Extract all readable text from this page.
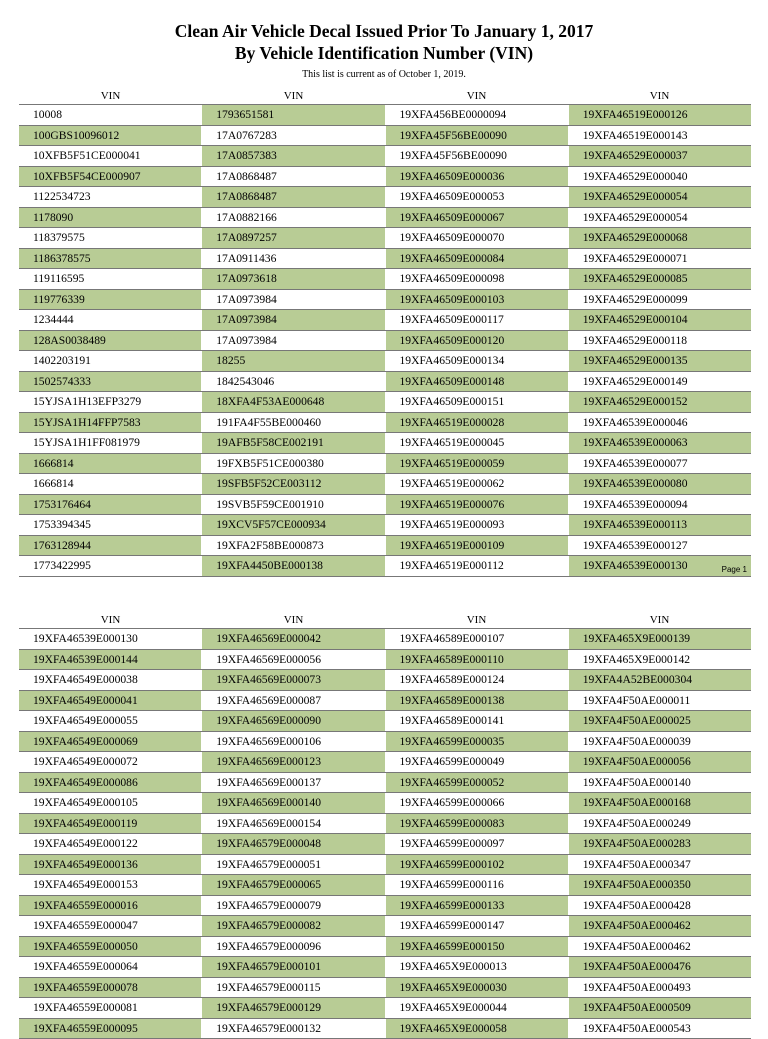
Clean Air Vehicle Decal Issued Prior To January 1, 2017
By Vehicle Identification Number (VIN)
This list is current as of October 1, 2019.
VIN	VIN	VIN	VIN
10008	1793651581	19XFA456BE0000094	19XFA46519E000126
100GBS10096012	17A0767283	19XFA45F56BE00090	19XFA46519E000143
10XFB5F51CE000041	17A0857383	19XFA45F56BE00090	19XFA46529E000037
10XFB5F54CE000907	17A0868487	19XFA46509E000036	19XFA46529E000040
1122534723	17A0868487	19XFA46509E000053	19XFA46529E000054
1178090	17A0882166	19XFA46509E000067	19XFA46529E000054
118379575	17A0897257	19XFA46509E000070	19XFA46529E000068
1186378575	17A0911436	19XFA46509E000084	19XFA46529E000071
119116595	17A0973618	19XFA46509E000098	19XFA46529E000085
119776339	17A0973984	19XFA46509E000103	19XFA46529E000099
1234444	17A0973984	19XFA46509E000117	19XFA46529E000104
128AS0038489	17A0973984	19XFA46509E000120	19XFA46529E000118
1402203191	18255	19XFA46509E000134	19XFA46529E000135
1502574333	1842543046	19XFA46509E000148	19XFA46529E000149
15YJSA1H13EFP3279	18XFA4F53AE000648	19XFA46509E000151	19XFA46529E000152
15YJSA1H14FFP7583	191FA4F55BE000460	19XFA46519E000028	19XFA46539E000046
15YJSA1H1FF081979	19AFB5F58CE002191	19XFA46519E000045	19XFA46539E000063
1666814	19FXB5F51CE000380	19XFA46519E000059	19XFA46539E000077
1666814	19SFB5F52CE003112	19XFA46519E000062	19XFA46539E000080
1753176464	19SVB5F59CE001910	19XFA46519E000076	19XFA46539E000094
1753394345	19XCV5F57CE000934	19XFA46519E000093	19XFA46539E000113
1763128944	19XFA2F58BE000873	19XFA46519E000109	19XFA46539E000127
1773422995	19XFA4450BE000138	19XFA46519E000112	19XFA46539E000130	Page 1
VIN	VIN	VIN	VIN
19XFA46539E000130	19XFA46569E000042	19XFA46589E000107	19XFA465X9E000139
19XFA46539E000144	19XFA46569E000056	19XFA46589E000110	19XFA465X9E000142
19XFA46549E000038	19XFA46569E000073	19XFA46589E000124	19XFA4A52BE000304
19XFA46549E000041	19XFA46569E000087	19XFA46589E000138	19XFA4F50AE000011
19XFA46549E000055	19XFA46569E000090	19XFA46589E000141	19XFA4F50AE000025
19XFA46549E000069	19XFA46569E000106	19XFA46599E000035	19XFA4F50AE000039
19XFA46549E000072	19XFA46569E000123	19XFA46599E000049	19XFA4F50AE000056
19XFA46549E000086	19XFA46569E000137	19XFA46599E000052	19XFA4F50AE000140
19XFA46549E000105	19XFA46569E000140	19XFA46599E000066	19XFA4F50AE000168
19XFA46549E000119	19XFA46569E000154	19XFA46599E000083	19XFA4F50AE000249
19XFA46549E000122	19XFA46579E000048	19XFA46599E000097	19XFA4F50AE000283
19XFA46549E000136	19XFA46579E000051	19XFA46599E000102	19XFA4F50AE000347
19XFA46549E000153	19XFA46579E000065	19XFA46599E000116	19XFA4F50AE000350
19XFA46559E000016	19XFA46579E000079	19XFA46599E000133	19XFA4F50AE000428
19XFA46559E000047	19XFA46579E000082	19XFA46599E000147	19XFA4F50AE000462
19XFA46559E000050	19XFA46579E000096	19XFA46599E000150	19XFA4F50AE000462
19XFA46559E000064	19XFA46579E000101	19XFA465X9E000013	19XFA4F50AE000476
19XFA46559E000078	19XFA46579E000115	19XFA465X9E000030	19XFA4F50AE000493
19XFA46559E000081	19XFA46579E000129	19XFA465X9E000044	19XFA4F50AE000509
19XFA46559E000095	19XFA46579E000132	19XFA465X9E000058	19XFA4F50AE000543
